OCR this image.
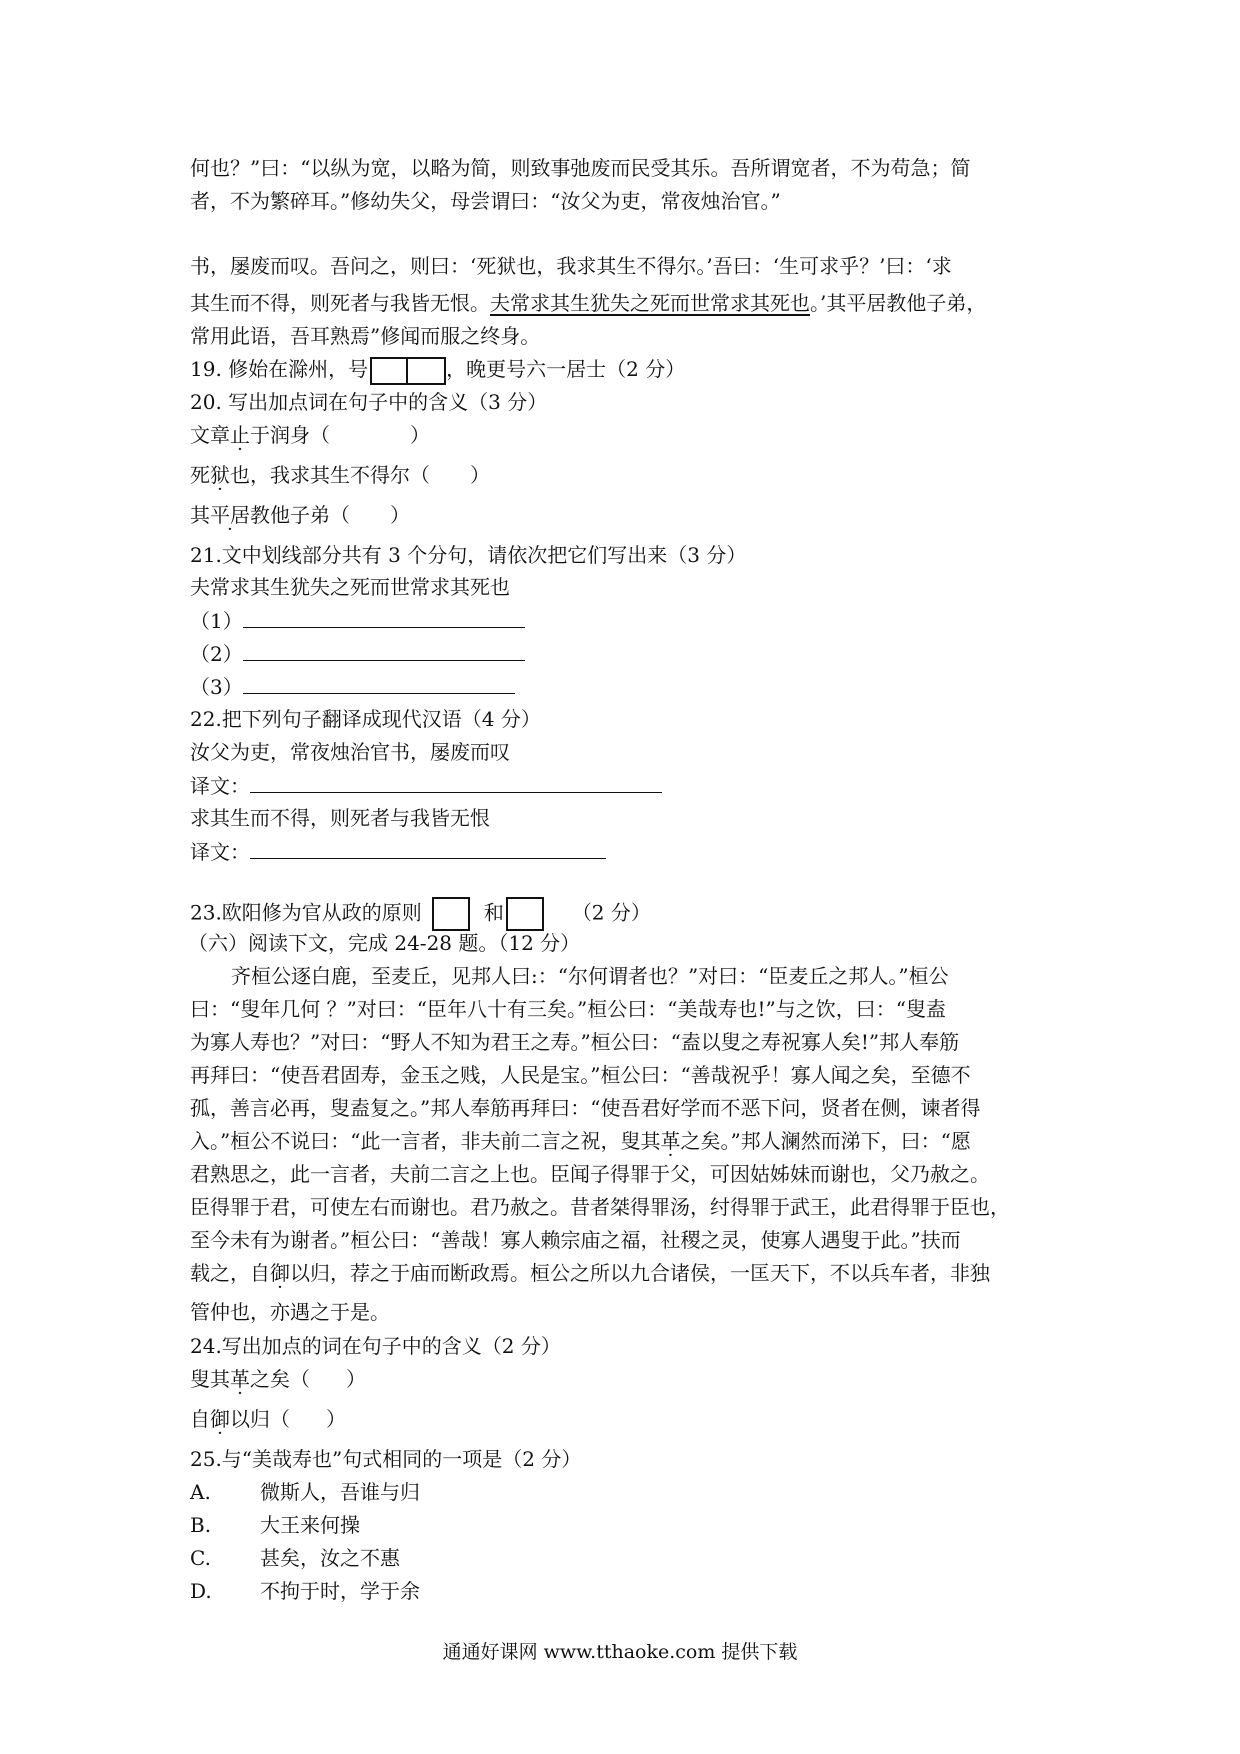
何也？”曰：“以纵为宽，以略为简，则致事弛废而民受其乐。吾所谓宽者，不为苟急；简
者，不为繁碎耳。”修幼失父，母尝谓曰：“汝父为吏，常夜烛治官。”
书，屡废而叹。吾问之，则曰：‘死狱也，我求其生不得尔。’吾曰：‘生可求乎？’曰：‘求
其生而不得，则死者与我皆无恨。夫常求其生犹失之死而世常求其死也。’其平居教他子弟，
常用此语，吾耳熟焉”修闻而服之终身。
19. 修始在滁州，号	，晚更号六一居士（2 分）
20. 写出加点词在句子中的含义（3 分）
文章止于润身（	）
死狱也，我求其生不得尔（ ）
其平居教他子弟（ ）
21.文中划线部分共有 3 个分句，请依次把它们写出来（3 分）
夫常求其生犹失之死而世常求其死也
（1）
（2）
（3）
22.把下列句子翻译成现代汉语（4 分）
汝父为吏，常夜烛治官书，屡废而叹
译文：
求其生而不得，则死者与我皆无恨
译文：
23.欧阳修为官从政的原则	和	（2 分）
（六）阅读下文，完成 24-28 题。（12 分）
齐桓公逐白鹿，至麦丘，见邦人曰:：“尔何谓者也？”对曰：“臣麦丘之邦人。”桓公
曰：“叟年几何 ？”对曰：“臣年八十有三矣。”桓公曰：“美哉寿也!”与之饮，曰：“叟盍
为寡人寿也？”对曰：“野人不知为君王之寿。”桓公曰：“盍以叟之寿祝寡人矣!”邦人奉筋
再拜曰：“使吾君固寿，金玉之贱，人民是宝。”桓公曰：“善哉祝乎！寡人闻之矣，至德不
孤，善言必再，叟盍复之。”邦人奉筋再拜曰：“使吾君好学而不恶下问，贤者在侧，谏者得
入。”桓公不说曰：“此一言者，非夫前二言之祝，叟其革之矣。”邦人澜然而涕下，曰：“愿
君熟思之，此一言者，夫前二言之上也。臣闻子得罪于父，可因姑姊妹而谢也，父乃赦之。
臣得罪于君，可使左右而谢也。君乃赦之。昔者桀得罪汤，纣得罪于武王，此君得罪于臣也，
至今未有为谢者。”桓公曰：“善哉！寡人赖宗庙之福，社稷之灵，使寡人遇叟于此。”扶而
载之，自御以归，荐之于庙而断政焉。桓公之所以九合诸侯，一匡天下，不以兵车者，非独
管仲也，亦遇之于是。
24.写出加点的词在句子中的含义（2 分）
叟其革之矣（ ）
自御以归（ ）
25.与“美哉寿也”句式相同的一项是（2 分）
A. 微斯人，吾谁与归
B. 大王来何操
C. 甚矣，汝之不惠
D. 不拘于时，学于余
通通好课网 www.tthaoke.com 提供下载
